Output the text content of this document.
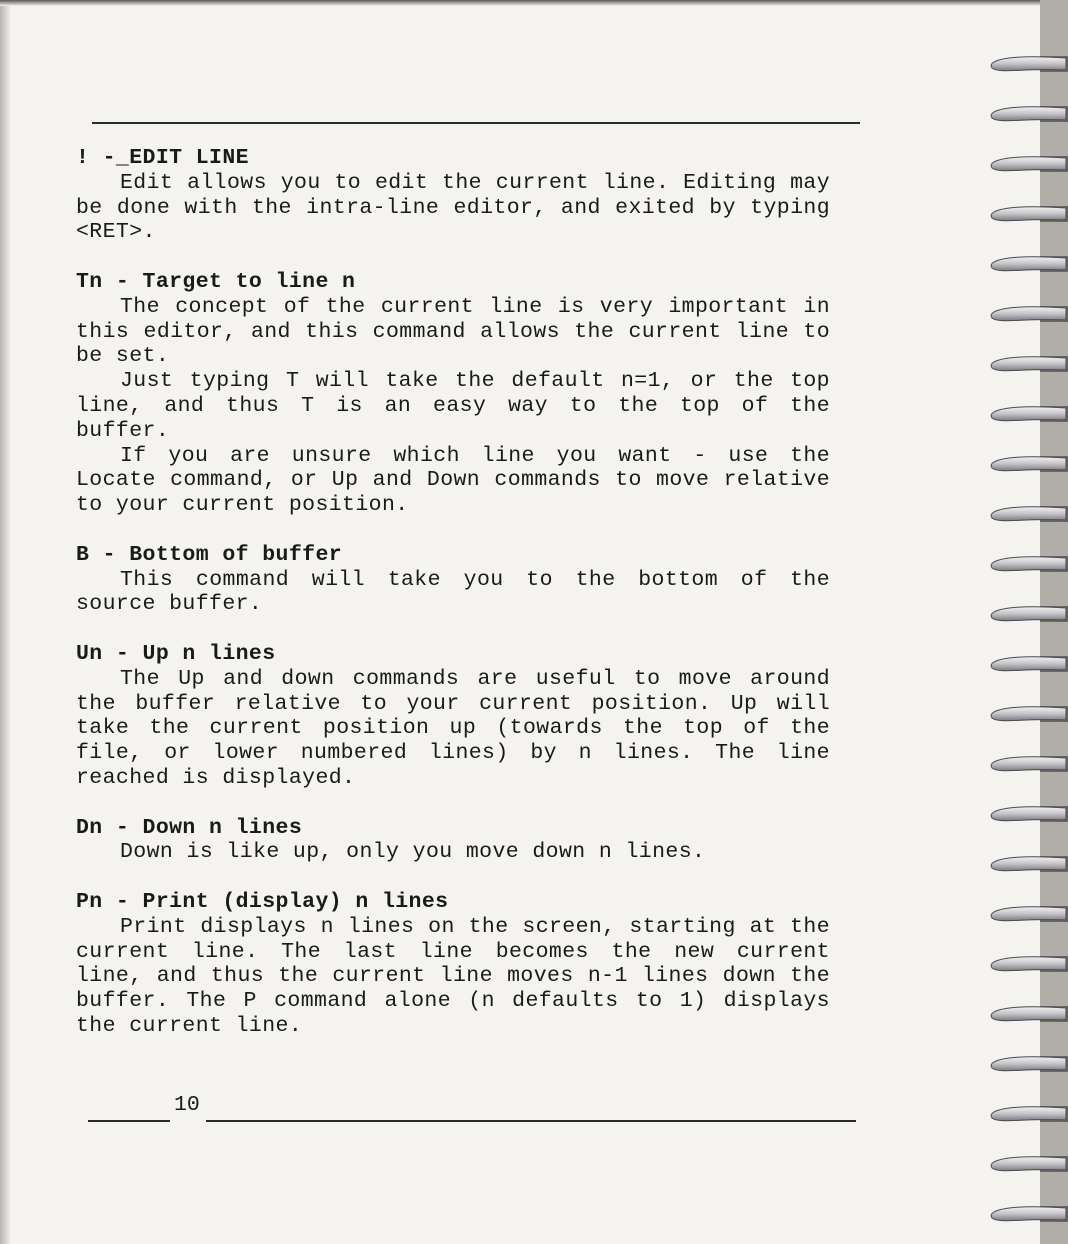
! -_EDIT LINE

Edit allows you to edit the current line. Editing may be done with the intra-line editor, and exited by typing <RET>.

Tn - Target to line n

The concept of the current line is very important in this editor, and this command allows the current line to be set.

Just typing T will take the default n=1, or the top line, and thus T is an easy way to the top of the buffer.

If you are unsure which line you want - use the Locate command, or Up and Down commands to move relative to your current position.

B - Bottom of buffer

This command will take you to the bottom of the source buffer.

Un - Up n lines

The Up and down commands are useful to move around the buffer relative to your current position. Up will take the current position up (towards the top of the file, or lower numbered lines) by n lines. The line reached is displayed.

Dn - Down n lines

Down is like up, only you move down n lines.

Pn - Print (display) n lines

Print displays n lines on the screen, starting at the current line. The last line becomes the new current line, and thus the current line moves n-1 lines down the buffer. The P command alone (n defaults to 1) displays the current line.

10
